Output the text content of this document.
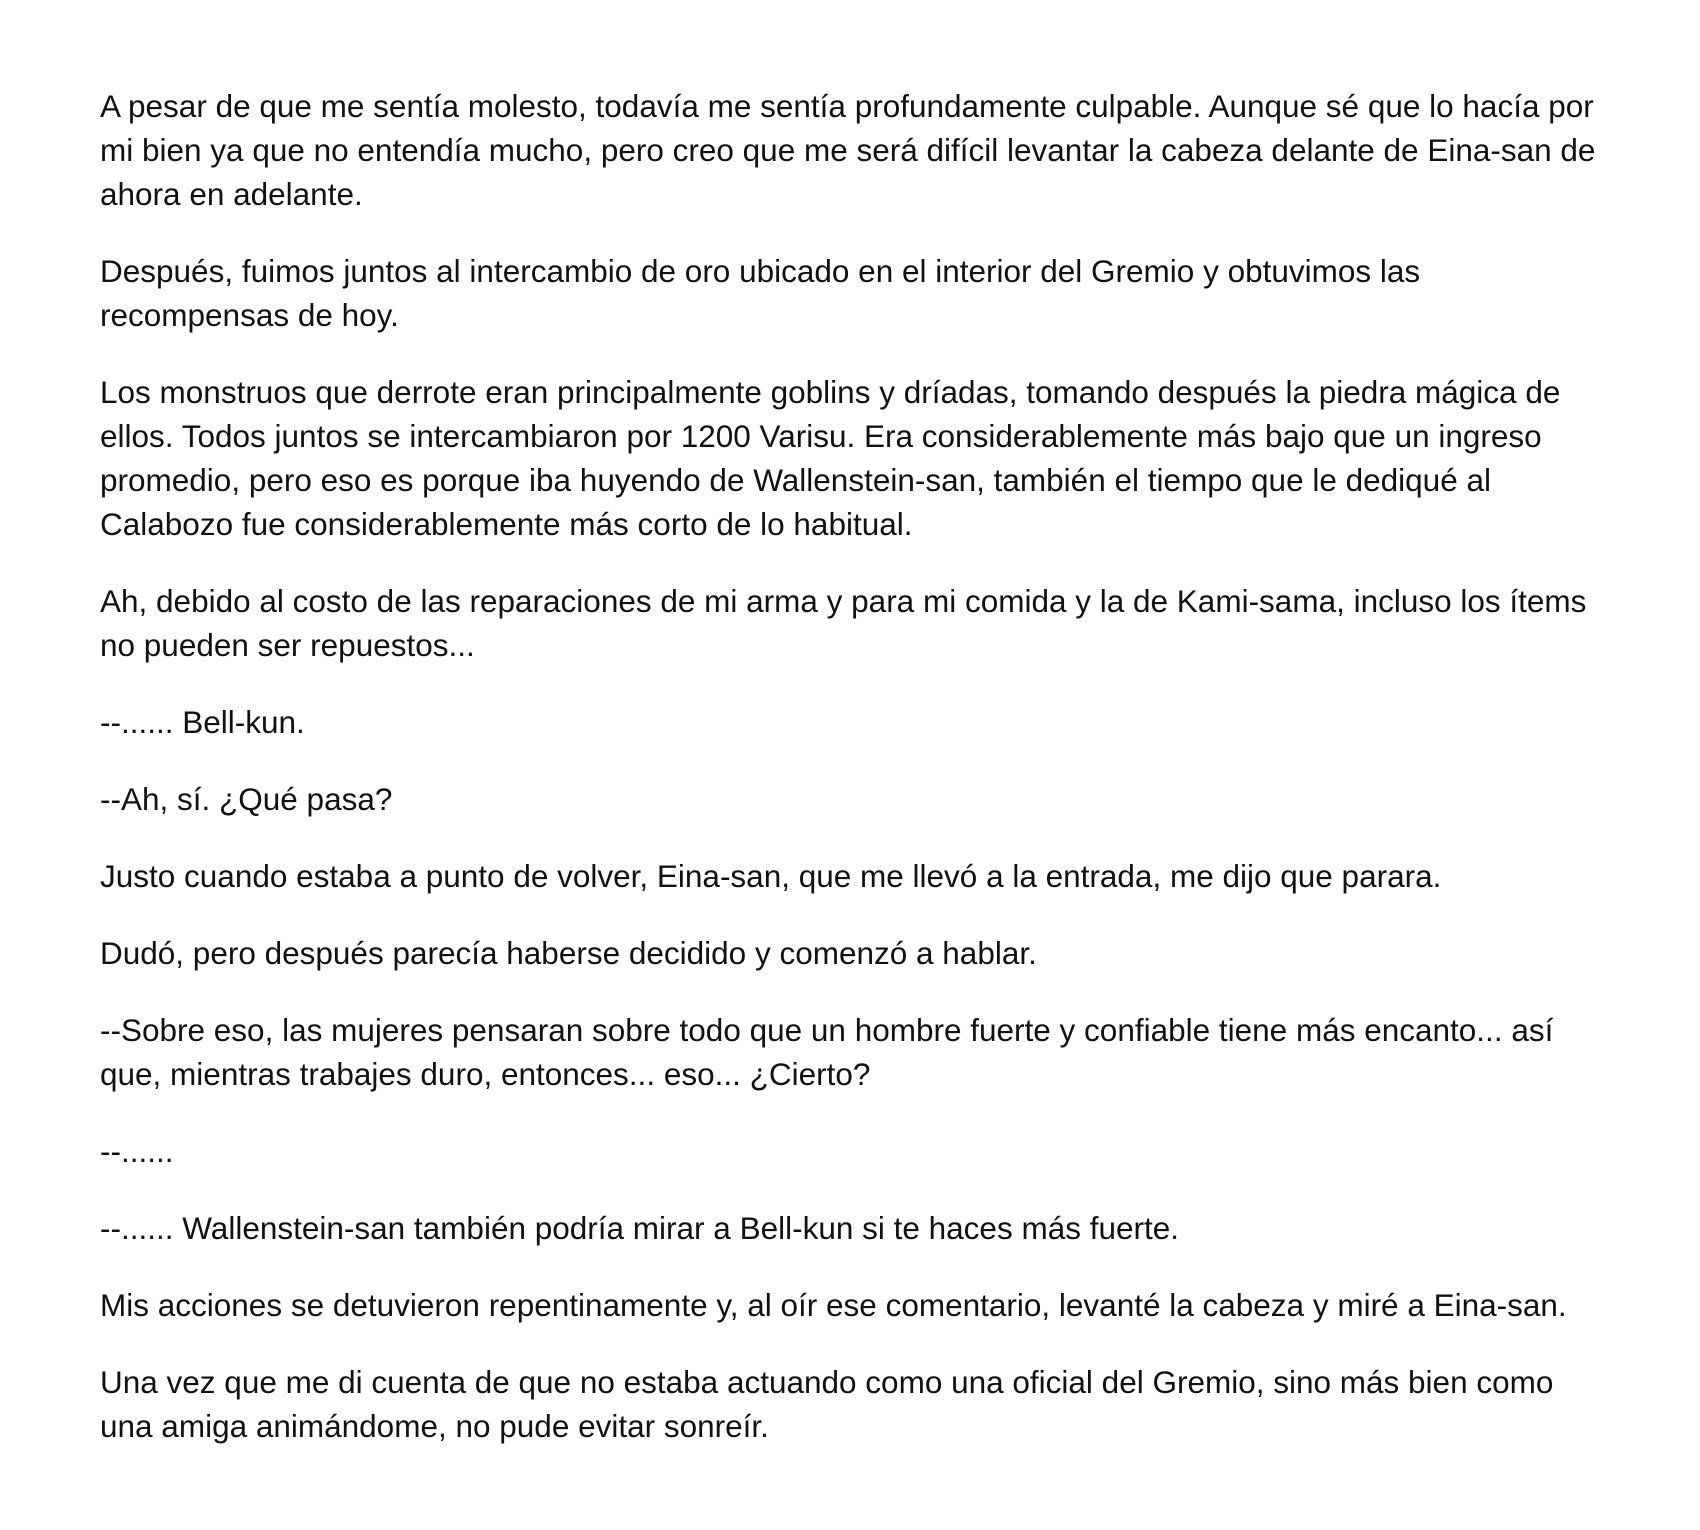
A pesar de que me sentía molesto, todavía me sentía profundamente culpable. Aunque sé que lo hacía por mi bien ya que no entendía mucho, pero creo que me será difícil levantar la cabeza delante de Eina-san de ahora en adelante.

Después, fuimos juntos al intercambio de oro ubicado en el interior del Gremio y obtuvimos las recompensas de hoy.

Los monstruos que derrote eran principalmente goblins y dríadas, tomando después la piedra mágica de ellos. Todos juntos se intercambiaron por 1200 Varisu. Era considerablemente más bajo que un ingreso promedio, pero eso es porque iba huyendo de Wallenstein-san, también el tiempo que le dediqué al Calabozo fue considerablemente más corto de lo habitual.

Ah, debido al costo de las reparaciones de mi arma y para mi comida y la de Kami-sama, incluso los ítems no pueden ser repuestos...

--...... Bell-kun.

--Ah, sí. ¿Qué pasa?

Justo cuando estaba a punto de volver, Eina-san, que me llevó a la entrada, me dijo que parara.

Dudó, pero después parecía haberse decidido y comenzó a hablar.

--Sobre eso, las mujeres pensaran sobre todo que un hombre fuerte y confiable tiene más encanto... así que, mientras trabajes duro, entonces... eso... ¿Cierto?

--......

--...... Wallenstein-san también podría mirar a Bell-kun si te haces más fuerte.

Mis acciones se detuvieron repentinamente y, al oír ese comentario, levanté la cabeza y miré a Eina-san.

Una vez que me di cuenta de que no estaba actuando como una oficial del Gremio, sino más bien como una amiga animándome, no pude evitar sonreír.
